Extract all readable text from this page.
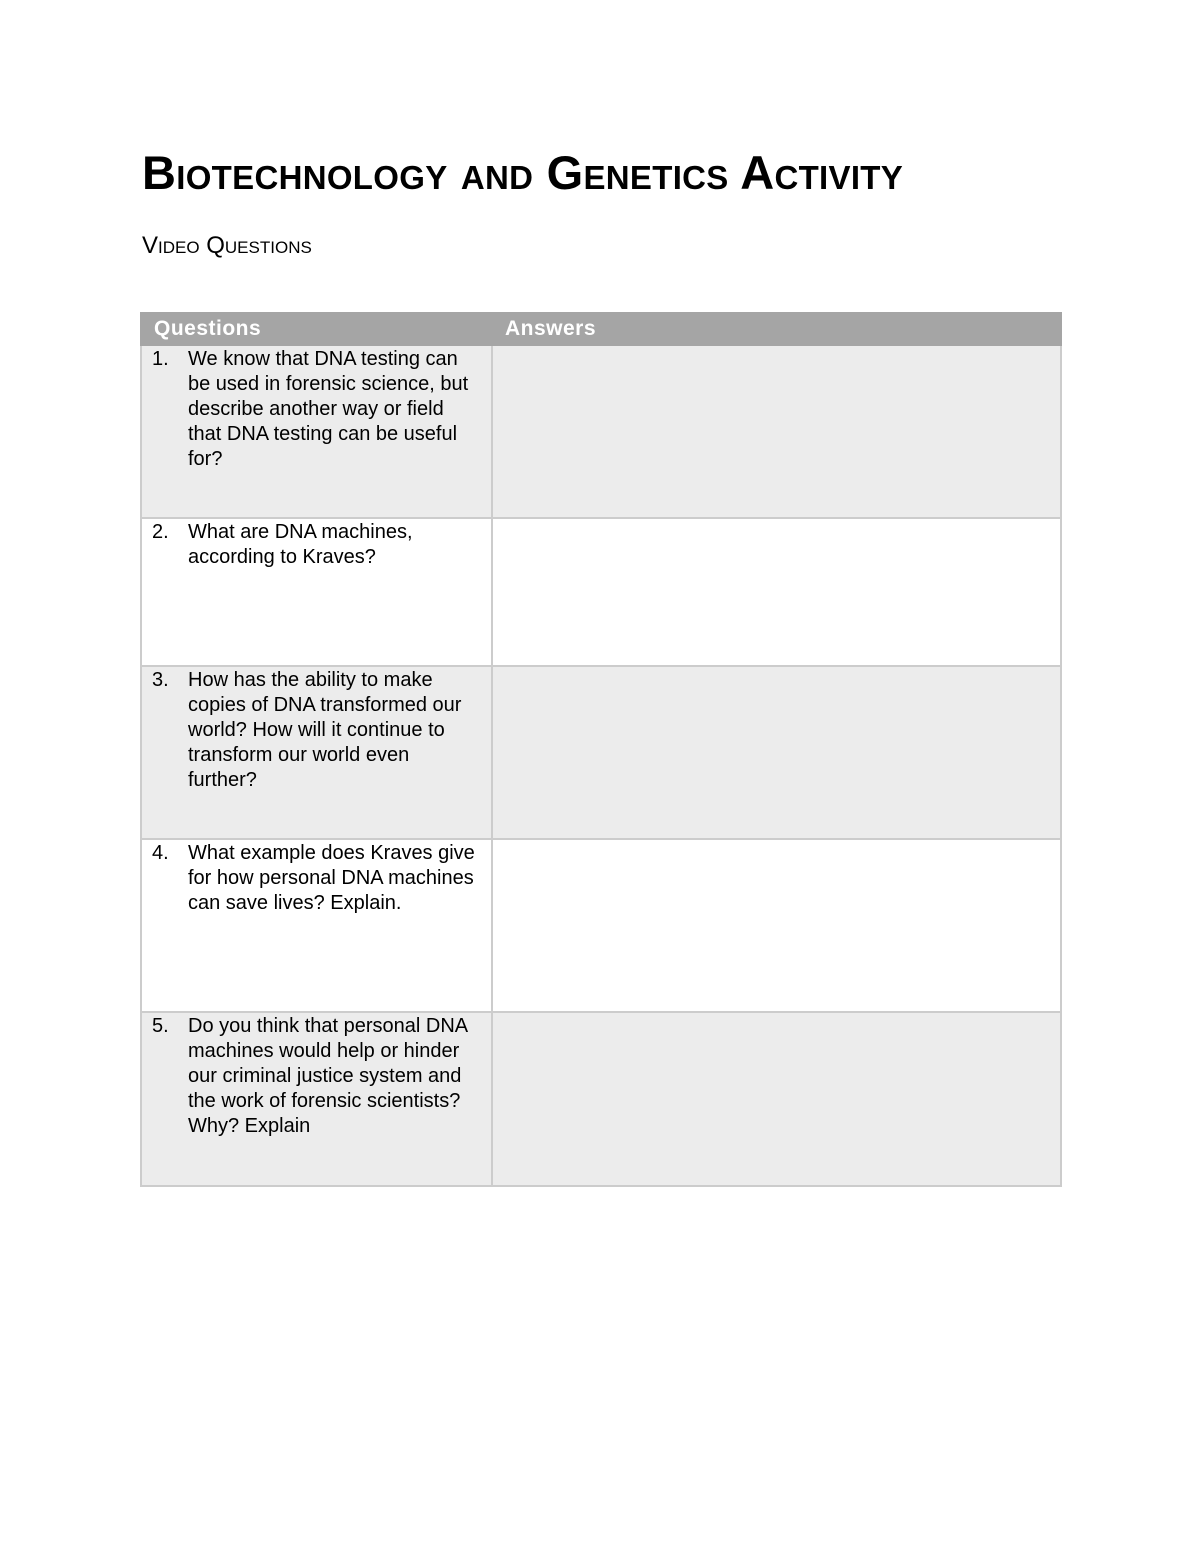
Biotechnology and Genetics Activity
Video Questions
Questions	Answers

1. We know that DNA testing can be used in forensic science, but describe another way or field that DNA testing can be useful for?	

2. What are DNA machines, according to Kraves?	

3. How has the ability to make copies of DNA transformed our world? How will it continue to transform our world even further?	

4. What example does Kraves give for how personal DNA machines can save lives? Explain.	

5. Do you think that personal DNA machines would help or hinder our criminal justice system and the work of forensic scientists? Why? Explain	
